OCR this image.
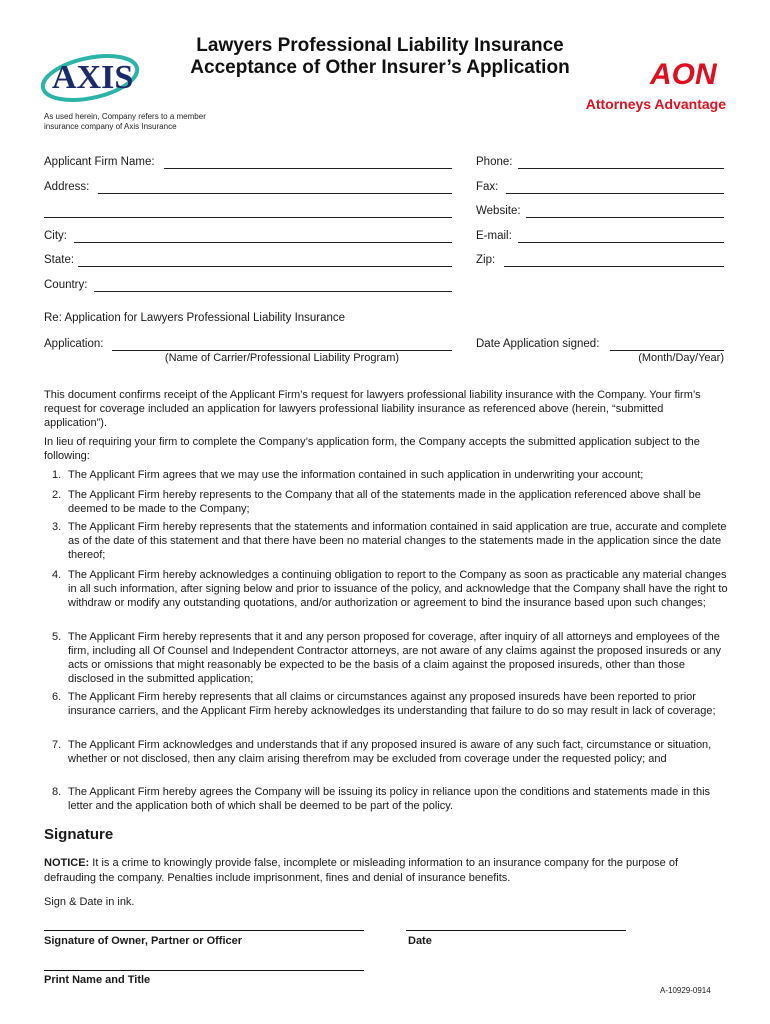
AXIS
Lawyers Professional Liability Insurance
Acceptance of Other Insurer’s Application	AON
Attorneys Advantage
As used herein, Company refers to a member
insurance company of Axis Insurance
Applicant Firm Name:
Address:
City:
State:
Country:
Phone:
Fax:
Website:
E-mail:
Zip:
Re: Application for Lawyers Professional Liability Insurance
Application:
(Name of Carrier/Professional Liability Program)
Date Application signed:
(Month/Day/Year)
This document confirms receipt of the Applicant Firm’s request for lawyers professional liability insurance with the Company. Your firm’s request for coverage included an application for lawyers professional liability insurance as referenced above (herein, “submitted application”).
In lieu of requiring your firm to complete the Company’s application form, the Company accepts the submitted application subject to the following:
1. The Applicant Firm agrees that we may use the information contained in such application in underwriting your account;
2. The Applicant Firm hereby represents to the Company that all of the statements made in the application referenced above shall be deemed to be made to the Company;
3. The Applicant Firm hereby represents that the statements and information contained in said application are true, accurate and complete as of the date of this statement and that there have been no material changes to the statements made in the application since the date thereof;
4. The Applicant Firm hereby acknowledges a continuing obligation to report to the Company as soon as practicable any material changes in all such information, after signing below and prior to issuance of the policy, and acknowledge that the Company shall have the right to withdraw or modify any outstanding quotations, and/or authorization or agreement to bind the insurance based upon such changes;
5. The Applicant Firm hereby represents that it and any person proposed for coverage, after inquiry of all attorneys and employees of the firm, including all Of Counsel and Independent Contractor attorneys, are not aware of any claims against the proposed insureds or any acts or omissions that might reasonably be expected to be the basis of a claim against the proposed insureds, other than those disclosed in the submitted application;
6. The Applicant Firm hereby represents that all claims or circumstances against any proposed insureds have been reported to prior insurance carriers, and the Applicant Firm hereby acknowledges its understanding that failure to do so may result in lack of coverage;
7. The Applicant Firm acknowledges and understands that if any proposed insured is aware of any such fact, circumstance or situation, whether or not disclosed, then any claim arising therefrom may be excluded from coverage under the requested policy; and
8. The Applicant Firm hereby agrees the Company will be issuing its policy in reliance upon the conditions and statements made in this letter and the application both of which shall be deemed to be part of the policy.
Signature
NOTICE: It is a crime to knowingly provide false, incomplete or misleading information to an insurance company for the purpose of defrauding the company. Penalties include imprisonment, fines and denial of insurance benefits.
Sign & Date in ink.
Signature of Owner, Partner or Officer	Date
Print Name and Title
A-10929-0914
